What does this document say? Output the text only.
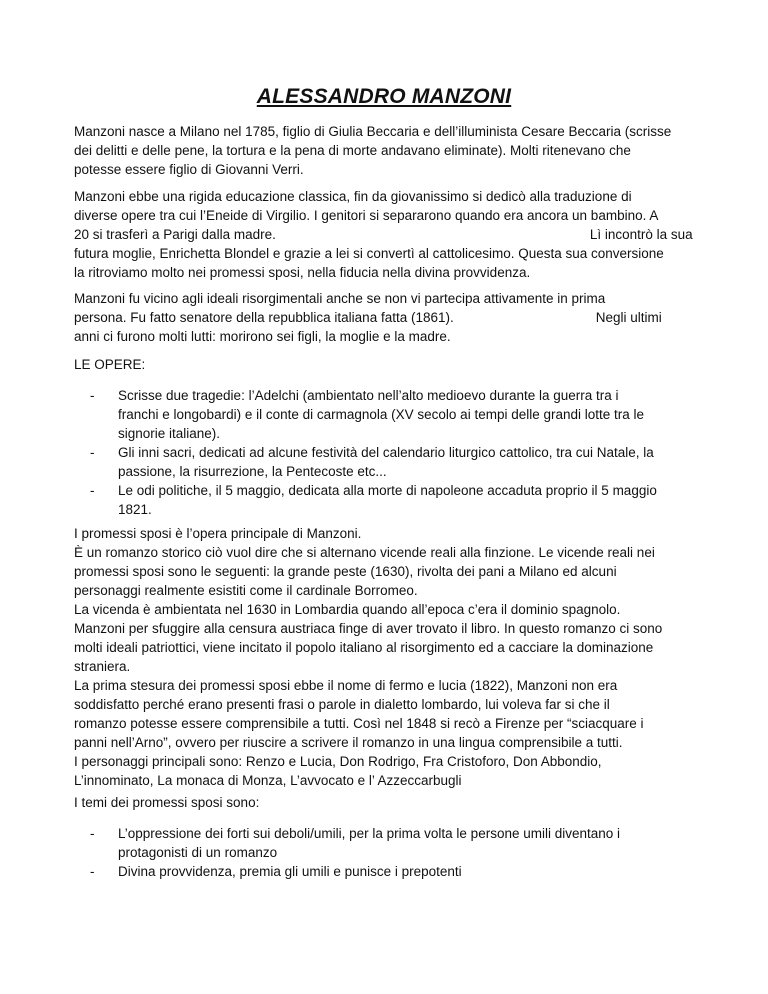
ALESSANDRO MANZONI
Manzoni nasce a Milano nel 1785, figlio di Giulia Beccaria e dell’illuminista Cesare Beccaria (scrisse
dei delitti e delle pene, la tortura e la pena di morte andavano eliminate). Molti ritenevano che
potesse essere figlio di Giovanni Verri.
Manzoni ebbe una rigida educazione classica, fin da giovanissimo si dedicò alla traduzione di
diverse opere tra cui l’Eneide di Virgilio. I genitori si separarono quando era ancora un bambino. A
20 si trasferì a Parigi dalla madre.	Lì incontrò la sua
futura moglie, Enrichetta Blondel e grazie a lei si convertì al cattolicesimo. Questa sua conversione
la ritroviamo molto nei promessi sposi, nella fiducia nella divina provvidenza.
Manzoni fu vicino agli ideali risorgimentali anche se non vi partecipa attivamente in prima
persona. Fu fatto senatore della repubblica italiana fatta (1861).	Negli ultimi
anni ci furono molti lutti: morirono sei figli, la moglie e la madre.
LE OPERE:
- Scrisse due tragedie: l’Adelchi (ambientato nell’alto medioevo durante la guerra tra i
franchi e longobardi) e il conte di carmagnola (XV secolo ai tempi delle grandi lotte tra le
signorie italiane).
- Gli inni sacri, dedicati ad alcune festività del calendario liturgico cattolico, tra cui Natale, la
passione, la risurrezione, la Pentecoste etc...
- Le odi politiche, il 5 maggio, dedicata alla morte di napoleone accaduta proprio il 5 maggio
1821.
I promessi sposi è l’opera principale di Manzoni.
È un romanzo storico ciò vuol dire che si alternano vicende reali alla finzione. Le vicende reali nei
promessi sposi sono le seguenti: la grande peste (1630), rivolta dei pani a Milano ed alcuni
personaggi realmente esistiti come il cardinale Borromeo.
La vicenda è ambientata nel 1630 in Lombardia quando all’epoca c’era il dominio spagnolo.
Manzoni per sfuggire alla censura austriaca finge di aver trovato il libro. In questo romanzo ci sono
molti ideali patriottici, viene incitato il popolo italiano al risorgimento ed a cacciare la dominazione
straniera.
La prima stesura dei promessi sposi ebbe il nome di fermo e lucia (1822), Manzoni non era
soddisfatto perché erano presenti frasi o parole in dialetto lombardo, lui voleva far si che il
romanzo potesse essere comprensibile a tutti. Così nel 1848 si recò a Firenze per “sciacquare i
panni nell’Arno”, ovvero per riuscire a scrivere il romanzo in una lingua comprensibile a tutti.
I personaggi principali sono: Renzo e Lucia, Don Rodrigo, Fra Cristoforo, Don Abbondio,
L’innominato, La monaca di Monza, L’avvocato e l’ Azzeccarbugli
I temi dei promessi sposi sono:
- L’oppressione dei forti sui deboli/umili, per la prima volta le persone umili diventano i
protagonisti di un romanzo
- Divina provvidenza, premia gli umili e punisce i prepotenti
